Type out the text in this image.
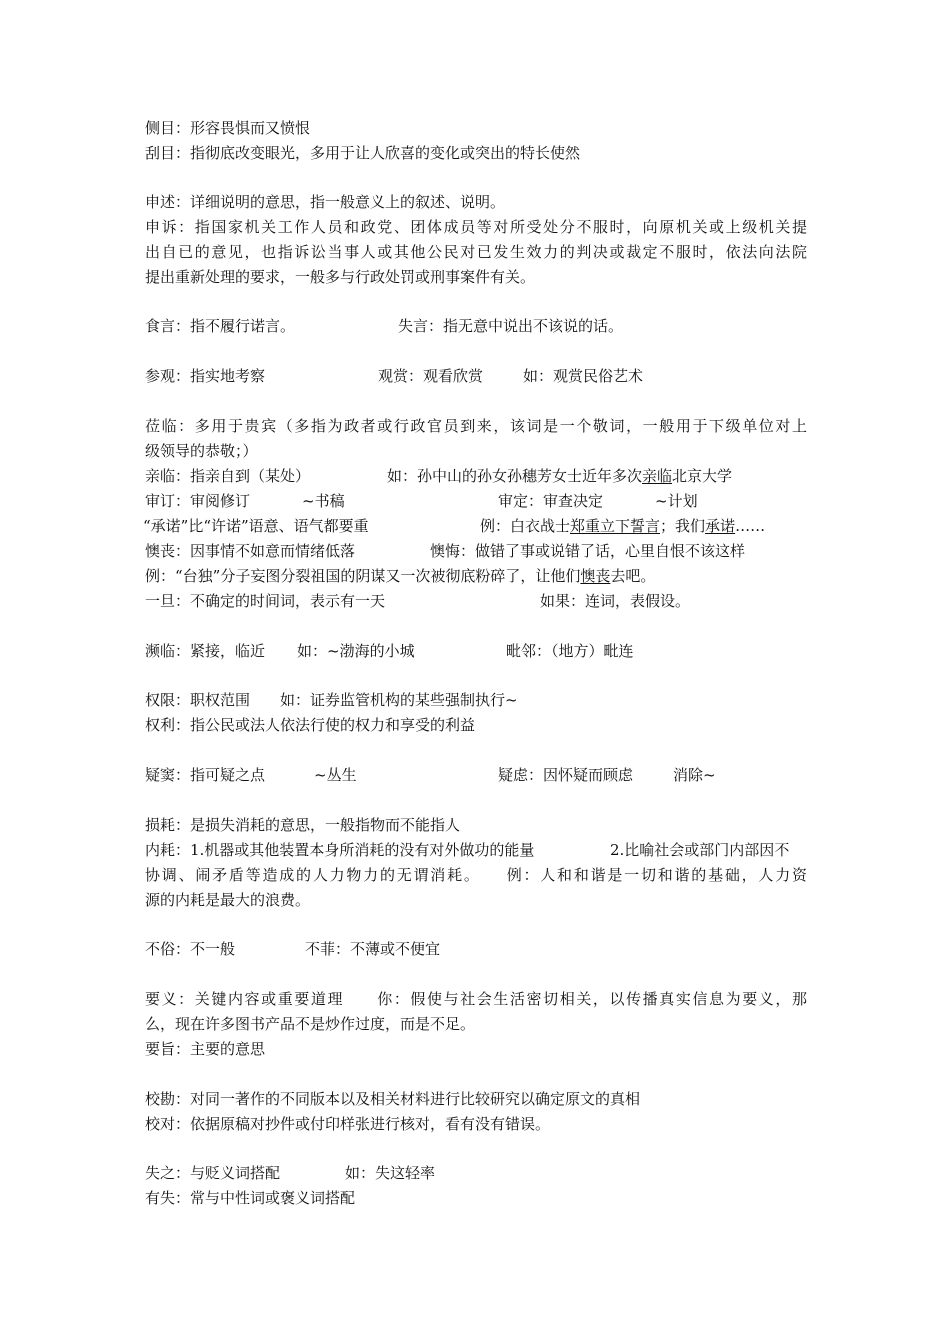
侧目：形容畏惧而又愤恨
刮目：指彻底改变眼光，多用于让人欣喜的变化或突出的特长使然
申述：详细说明的意思，指一般意义上的叙述、说明。
申诉：指国家机关工作人员和政党、团体成员等对所受处分不服时，向原机关或上级机关提
出自已的意见，也指诉讼当事人或其他公民对已发生效力的判决或裁定不服时，依法向法院
提出重新处理的要求，一般多与行政处罚或刑事案件有关。
食言：指不履行诺言。	失言：指无意中说出不该说的话。
参观：指实地考察	观赏：观看欣赏	如：观赏民俗艺术
莅临：多用于贵宾（多指为政者或行政官员到来，该词是一个敬词，一般用于下级单位对上
级领导的恭敬；）
亲临：指亲自到（某处）	如：孙中山的孙女孙穗芳女士近年多次亲临北京大学
审订：审阅修订	~书稿	审定：审查决定	~计划
“承诺”比“许诺”语意、语气都要重	例：白衣战士郑重立下誓言；我们承诺……
懊丧：因事情不如意而情绪低落	懊悔：做错了事或说错了话，心里自恨不该这样
例：“台独”分子妄图分裂祖国的阴谋又一次被彻底粉碎了，让他们懊丧去吧。
一旦：不确定的时间词，表示有一天	如果：连词，表假设。
濒临：紧接，临近 如：~渤海的小城	毗邻：（地方）毗连
权限：职权范围 如：证券监管机构的某些强制执行~
权利：指公民或法人依法行使的权力和享受的利益
疑窦：指可疑之点	~丛生	疑虑：因怀疑而顾虑	消除~
损耗：是损失消耗的意思，一般指物而不能指人
内耗：1.机器或其他装置本身所消耗的没有对外做功的能量	2.比喻社会或部门内部因不
协调、闹矛盾等造成的人力物力的无谓消耗。　　例：人和和谐是一切和谐的基础，人力资
源的内耗是最大的浪费。
不俗：不一般	不菲：不薄或不便宜
要义：关键内容或重要道理　　你：假使与社会生活密切相关，以传播真实信息为要义，那
么，现在许多图书产品不是炒作过度，而是不足。
要旨：主要的意思
校勘：对同一著作的不同版本以及相关材料进行比较研究以确定原文的真相
校对：依据原稿对抄件或付印样张进行核对，看有没有错误。
失之：与贬义词搭配	如：失这轻率
有失：常与中性词或褒义词搭配
